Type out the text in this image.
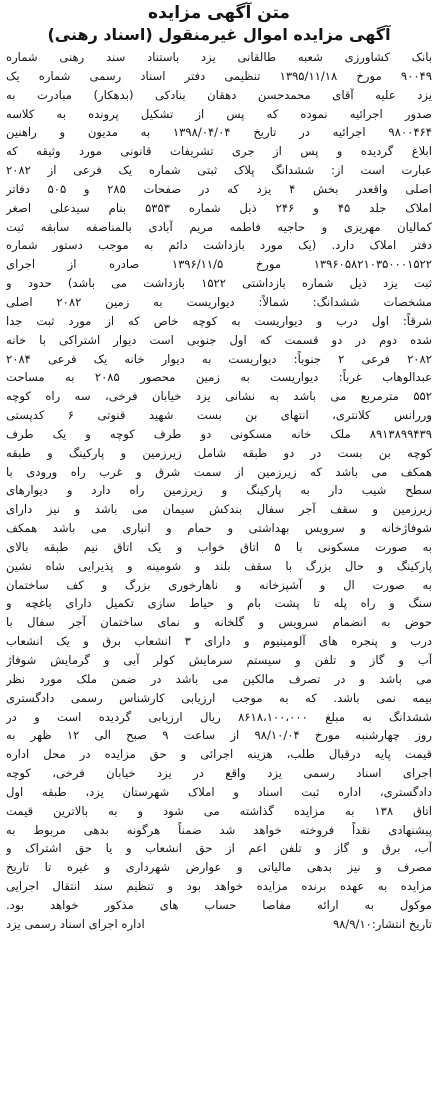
متن آگهی مزایده
آگهی مزایده اموال غیرمنقول (اسناد رهنی)
بانک کشاورزی شعبه طالقانی یزد باستناد سند رهنی شماره
۹۰۰۴۹ مورخ ۱۳۹۵/۱۱/۱۸ تنظیمی دفتر اسناد رسمی شماره یک
یزد علیه آقای محمدحسن دهقان بنادکی (بدهکار) مبادرت به
صدور اجرائیه نموده که پس از تشکیل پرونده به کلاسه
۹۸۰۰۴۶۴ اجرائیه در تاریخ ۱۳۹۸/۰۴/۰۴ به مدیون و راهنین
ابلاغ گردیده و پس از جری تشریفات قانونی مورد وثیقه که
عبارت است از: ششدانگ پلاک ثبتی شماره یک فرعی از ۲۰۸۲
اصلی واقعدر بخش ۴ یزد که در صفحات ۲۸۵ و ۵۰۵ دفاتر
املاک جلد ۴۵ و ۲۴۶ ذیل شماره ۵۳۵۳ بنام سیدعلی اصغر
کمالیان مهریزی و حاجیه فاطمه مریم آبادی بالمناصفه سابقه ثبت
دفتر املاک دارد. (یک مورد بازداشت دائم به موجب دستور شماره
۱۳۹۶۰۵۸۲۱۰۳۵۰۰۰۱۵۲۲ مورخ ۱۳۹۶/۱۱/۵ صادره از اجرای
ثبت یزد ذیل شماره بازداشتی ۱۵۲۲ بازداشت می باشد) حدود و
مشخصات ششدانگ: شمالاً: دیواریست به زمین ۲۰۸۲ اصلی
شرقاً: اول درب و دیواریست به کوچه خاص که از مورد ثبت جدا
شده دوم در دو قسمت که اول جنوبی است دیوار اشتراکی با خانه
۲۰۸۲ فرعی ۲ جنوباً: دیواریست به دیوار خانه یک فرعی ۲۰۸۴
عبدالوهاب غرباً: دیواریست به زمین محصور ۲۰۸۵ به مساحت
۵۵۲ مترمربع می باشد به نشانی یزد خیابان فرخی، سه راه کوچه
وررانس کلانتری، انتهای بن بست شهید قنوتی ۶ کدپستی
۸۹۱۳۸۹۹۴۳۹ ملک خانه مسکونی دو طرف کوچه و یک طرف
کوچه بن بست در دو طبقه شامل زیرزمین و پارکینگ و طبقه
همکف می باشد که زیرزمین از سمت شرق و غرب راه ورودی با
سطح شیب دار به پارکینگ و زیرزمین راه دارد و دیوارهای
زیرزمین و سقف آجر سفال بندکش سیمان می باشد و نیز دارای
شوفاژخانه و سرویس بهداشتی و حمام و انباری می باشد همکف
به صورت مسکونی با ۵ اتاق خواب و یک اتاق نیم طبقه بالای
پارکینگ و حال بزرگ با سقف بلند و شومینه و پذیرایی شاه نشین
به صورت ال و آشپزخانه و ناهارخوری بزرگ و کف ساختمان
سنگ و راه پله تا پشت بام و حیاط سازی تکمیل دارای باغچه و
حوض به انضمام سرویس و گلخانه و نمای ساختمان آجر سفال با
درب و پنجره های آلومینیوم و دارای ۳ انشعاب برق و یک انشعاب
آب و گاز و تلفن و سیستم سرمایش کولر آبی و گرمایش شوفاژ
می باشد و در تصرف مالکین می باشد در ضمن ملک مورد نظر
بیمه نمی باشد. که به موجب ارزیابی کارشناس رسمی دادگستری
ششدانگ به مبلغ ۸۶۱۸،۱۰۰،۰۰۰ ریال ارزیابی گردیده است و در
روز چهارشنبه مورخ ۹۸/۱۰/۰۴ از ساعت ۹ صبح الی ۱۲ ظهر به
قیمت پایه درقبال طلب، هزینه اجرائی و حق مزایده در محل اداره
اجرای اسناد رسمی یزد واقع در یزد خیابان فرخی، کوچه
دادگستری، اداره ثبت اسناد و املاک شهرستان یزد، طبقه اول
اتاق ۱۳۸ به مزایده گذاشته می شود و به بالاترین قیمت
پیشنهادی نقداً فروخته خواهد شد ضمناً هرگونه بدهی مربوط به
آب، برق و گاز و تلفن اعم از حق انشعاب و یا حق اشتراک و
مصرف و نیز بدهی مالیاتی و عوارض شهرداری و غیره تا تاریخ
مزایده به عهده برنده مزایده خواهد بود و تنظیم سند انتقال اجرایی
موکول به ارائه مفاصا حساب های مذکور خواهد بود.
تاریخ انتشار:۹۸/۹/۱۰
اداره اجرای اسناد رسمی یزد
